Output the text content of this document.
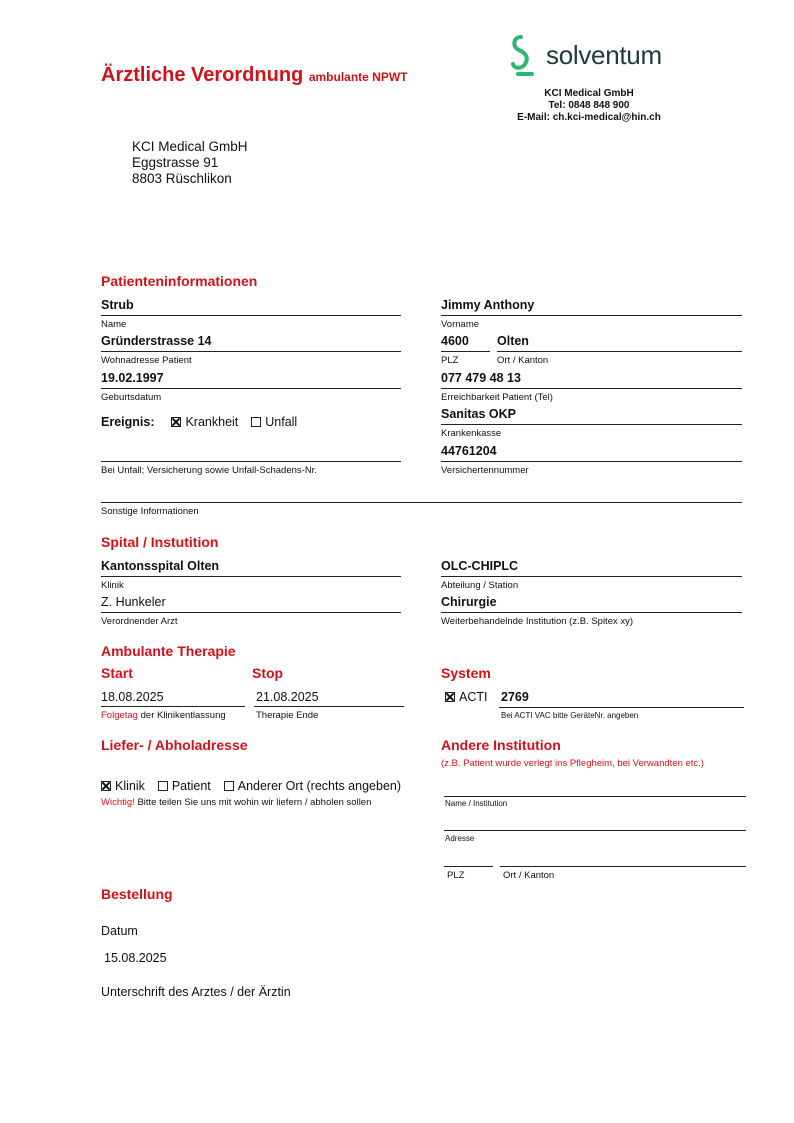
Ärztliche Verordnung ambulante NPWT
solventum
KCI Medical GmbH
Tel: 0848 848 900
E-Mail: ch.kci-medical@hin.ch
KCI Medical GmbH
Eggstrasse 91
8803 Rüschlikon
Patienteninformationen
Strub
Name
Jimmy Anthony
Vorname
Gründerstrasse 14
Wohnadresse Patient
4600
PLZ
Olten
Ort / Kanton
19.02.1997
Geburtsdatum
077 479 48 13
Erreichbarkeit Patient (Tel)
Ereignis: Krankheit Unfall
Sanitas OKP
Krankenkasse
Bei Unfall; Versicherung sowie Unfall-Schadens-Nr.
44761204
Versichertennummer
Sonstige Informationen
Spital / Instutition
Kantonsspital Olten
Klinik
OLC-CHIPLC
Abteilung / Station
Z. Hunkeler
Verordnender Arzt
Chirurgie
Weiterbehandelnde Institution (z.B. Spitex xy)
Ambulante Therapie
Start	Stop	System
18.08.2025
Folgetag der Klinikentlassung
21.08.2025
Therapie Ende
ACTI 2769
Bei ACTI VAC bitte GeräteNr. angeben
Liefer- / Abholadresse
Klinik Patient Anderer Ort (rechts angeben)
Wichtig! Bitte teilen Sie uns mit wohin wir liefern / abholen sollen
Andere Institution
(z.B. Patient wurde verlegt ins Pflegheim, bei Verwandten etc.)
Name / Institution
Adresse
PLZ	Ort / Kanton
Bestellung
Datum
15.08.2025
Unterschrift des Arztes / der Ärztin
